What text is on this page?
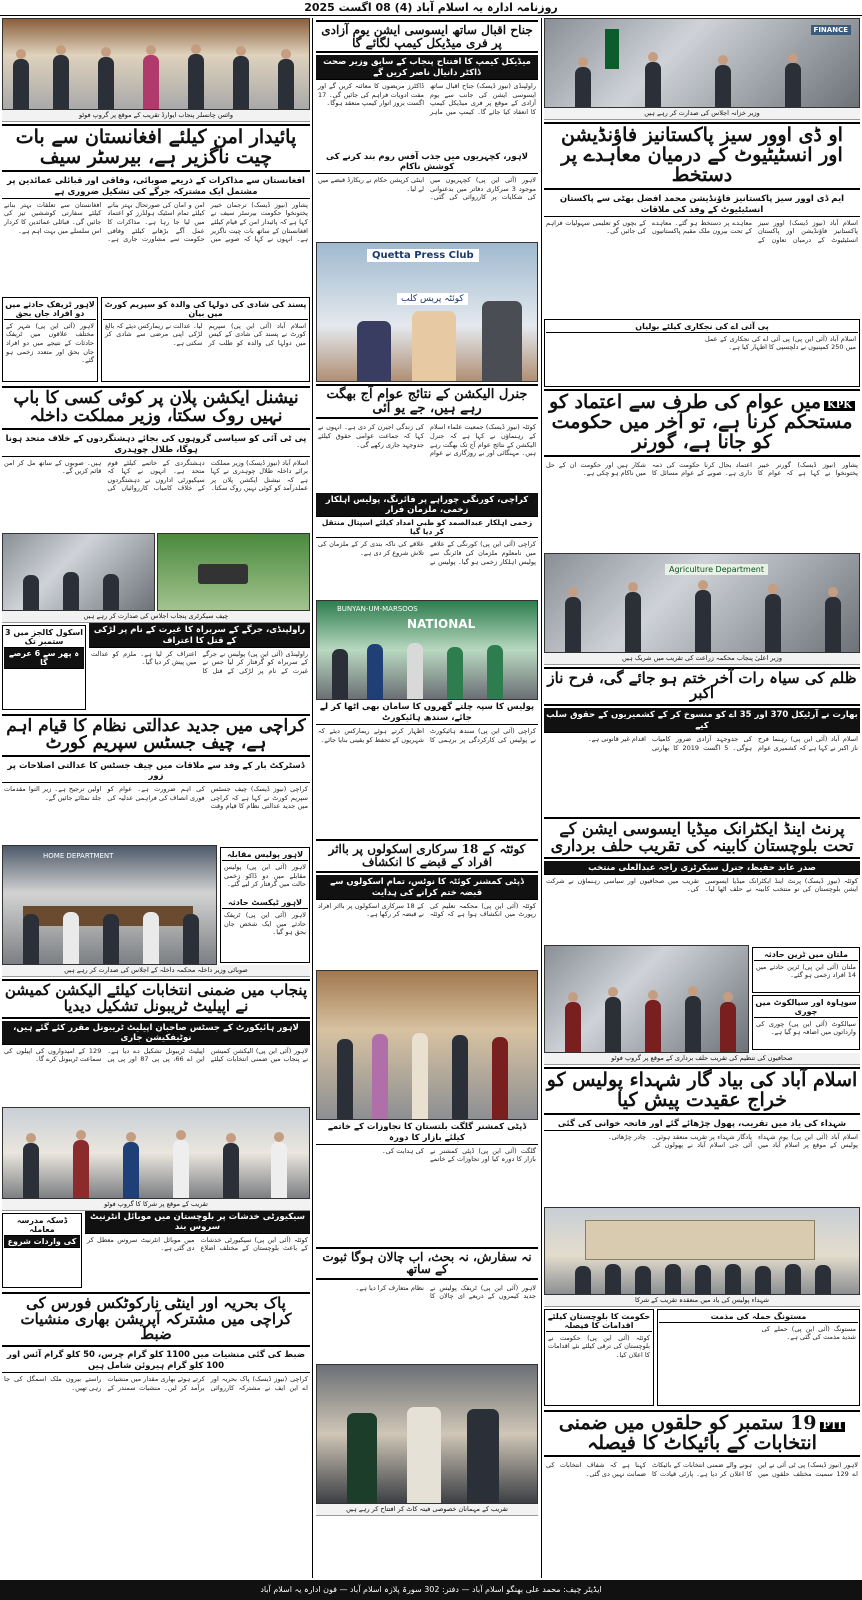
روزنامہ ادارہ یہ اسلام آباد (4) 08 اگست 2025
FINANCE
وزیر خزانہ اجلاس کی صدارت کر رہے ہیں
او ڈی اوور سیز پاکستانیز فاؤنڈیشن اور انسٹیٹیوٹ کے درمیان معاہدے پر دستخط
ایم ڈی اوور سیز پاکستانیز فاؤنڈیشن محمد افضل بھٹی سے پاکستان انسٹیٹیوٹ کے وفد کی ملاقات
اسلام آباد (نیوز ڈیسک) اوور سیز پاکستانیز فاؤنڈیشن اور پاکستان انسٹیٹیوٹ کے درمیان تعاون کے معاہدے پر دستخط ہو گئے۔ معاہدے کے تحت بیرون ملک مقیم پاکستانیوں کے بچوں کو تعلیمی سہولیات فراہم کی جائیں گی۔
پی آئی اے کی نجکاری کیلئے بولیاں
اسلام آباد (آئی این پی) پی آئی اے کی نجکاری کے عمل میں 250 کمپنیوں نے دلچسپی کا اظہار کیا ہے۔
KPKمیں عوام کی طرف سے اعتماد کو مستحکم کرنا ہے، تو آخر میں حکومت کو جانا ہے، گورنر
پشاور (نیوز ڈیسک) گورنر خیبر پختونخوا نے کہا ہے کہ عوام کا اعتماد بحال کرنا حکومت کی ذمہ داری ہے۔ صوبے کے عوام مسائل کا شکار ہیں اور حکومت ان کے حل میں ناکام ہو چکی ہے۔
Agriculture Department
وزیر اعلیٰ پنجاب محکمہ زراعت کی تقریب میں شریک ہیں
ظلم کی سیاہ رات آخر ختم ہو جائے گی، فرح ناز اکبر
بھارت نے آرٹیکل 370 اور 35 اے کو منسوخ کر کے کشمیریوں کے حقوق سلب کیے
اسلام آباد (آئی این پی) رہنما فرح ناز اکبر نے کہا ہے کہ کشمیری عوام کی جدوجہد آزادی ضرور کامیاب ہوگی۔ 5 اگست 2019 کا بھارتی اقدام غیر قانونی ہے۔
پرنٹ اینڈ ایکٹرانک میڈیا ایسوسی ایشن کے تحت بلوچستان کابینہ کی تقریب حلف برداری
صدر عابد حفیظ، جنرل سیکرٹری راجہ عبدالعلی منتخب
کوئٹہ (نیوز ڈیسک) پرنٹ اینڈ ایکٹرانک میڈیا ایسوسی ایشن بلوچستان کی نو منتخب کابینہ نے حلف اٹھا لیا۔ تقریب میں صحافیوں اور سیاسی رہنماؤں نے شرکت کی۔
ملتان میں ٹرین حادثہ
ملتان (آئی این پی) ٹرین حادثے میں 14 افراد زخمی ہو گئے۔
سوہاوہ اور سیالکوٹ میں چوری
سیالکوٹ (آئی این پی) چوری کی وارداتوں میں اضافہ ہو گیا ہے۔
صحافیوں کی تنظیم کی تقریب حلف برداری کے موقع پر گروپ فوٹو
اسلام آباد کی بیاد گار شہداء پولیس کو خراج عقیدت پیش کیا
شہداء کی یاد میں تقریب، پھول چڑھائے گئے اور فاتحہ خوانی کی گئی
اسلام آباد (آئی این پی) یوم شہداء پولیس کے موقع پر اسلام آباد میں یادگار شہداء پر تقریب منعقد ہوئی۔ آئی جی اسلام آباد نے پھولوں کی چادر چڑھائی۔
شہداء پولیس کی یاد میں منعقدہ تقریب کے شرکا
مستونگ حملہ کی مذمت
مستونگ (آئی این پی) حملے کی شدید مذمت کی گئی ہے۔
حکومت کا بلوچستان کیلئے اقدامات کا فیصلہ
کوئٹہ (آئی این پی) حکومت نے بلوچستان کی ترقی کیلئے نئے اقدامات کا اعلان کیا۔
PTI19 ستمبر کو حلقوں میں ضمنی انتخابات کے بائیکاٹ کا فیصلہ
لاہور (نیوز ڈیسک) پی ٹی آئی نے این اے 129 سمیت مختلف حلقوں میں ہونے والے ضمنی انتخابات کے بائیکاٹ کا اعلان کر دیا ہے۔ پارٹی قیادت کا کہنا ہے کہ شفاف انتخابات کی ضمانت نہیں دی گئی۔
جناح اقبال ساتھ ایسوسی ایشن یوم آزادی پر فری میڈیکل کیمپ لگائے گا
میڈیکل کیمپ کا افتتاح پنجاب کے سابق وزیر صحت ڈاکٹر دانیال ناصر کریں گے
راولپنڈی (نیوز ڈیسک) جناح اقبال ساتھ ایسوسی ایشن کی جانب سے یوم آزادی کے موقع پر فری میڈیکل کیمپ کا انعقاد کیا جائے گا۔ کیمپ میں ماہر ڈاکٹرز مریضوں کا معائنہ کریں گے اور مفت ادویات فراہم کی جائیں گی۔ 17 اگست بروز اتوار کیمپ منعقد ہوگا۔
لاہور، کچہریوں میں جذب آفس روم بند کرنے کی کوشش ناکام
لاہور (آئی این پی) کچہریوں میں موجود 3 سرکاری دفاتر میں بدعنوانی کی شکایات پر کارروائی کی گئی۔ اینٹی کرپشن حکام نے ریکارڈ قبضے میں لے لیا۔
Quetta Press Club
کوئٹہ پریس کلب
جنرل الیکشن کے نتائج عوام آج بھگت رہے ہیں، جے یو آئی
کوئٹہ (نیوز ڈیسک) جمعیت علماء اسلام کے رہنماؤں نے کہا ہے کہ جنرل الیکشن کے نتائج عوام آج تک بھگت رہے ہیں۔ مہنگائی اور بے روزگاری نے عوام کی زندگی اجیرن کر دی ہے۔ انہوں نے کہا کہ جماعت عوامی حقوق کیلئے جدوجہد جاری رکھے گی۔
کراچی، کورنگی چوراہے پر فائرنگ، پولیس اہلکار زخمی، ملزمان فرار
زخمی اہلکار عبدالصمد کو طبی امداد کیلئے اسپتال منتقل کر دیا گیا
کراچی (آئی این پی) کورنگی کے علاقے میں نامعلوم ملزمان کی فائرنگ سے پولیس اہلکار زخمی ہو گیا۔ پولیس نے علاقے کی ناکہ بندی کر کے ملزمان کی تلاش شروع کر دی ہے۔
BUNYAN-UM-MARSOOS
NATIONAL
پولیس کا سپہ چلتے گھروں کا سامان بھی اٹھا کر لے جائے، سندھ ہائیکورٹ
کراچی (آئی این پی) سندھ ہائیکورٹ نے پولیس کی کارکردگی پر برہمی کا اظہار کرتے ہوئے ریمارکس دیئے کہ شہریوں کے تحفظ کو یقینی بنایا جائے۔
کوئٹہ کے 18 سرکاری اسکولوں پر بااثر افراد کے قبضے کا انکشاف
ڈپٹی کمشنر کوئٹہ کا نوٹس، تمام اسکولوں سے قبضہ ختم کرانے کی ہدایت
کوئٹہ (آئی این پی) محکمہ تعلیم کی رپورٹ میں انکشاف ہوا ہے کہ کوئٹہ کے 18 سرکاری اسکولوں پر بااثر افراد نے قبضہ کر رکھا ہے۔
ڈپٹی کمشنر گلگت بلتستان کا تجاوزات کے خاتمے کیلئے بازار کا دورہ
گلگت (آئی این پی) ڈپٹی کمشنر نے بازار کا دورہ کیا اور تجاوزات کے خاتمے کی ہدایت کی۔
نہ سفارش، نہ بحث، اب چالان ہوگا ثبوت کے ساتھ
لاہور (آئی این پی) ٹریفک پولیس نے جدید کیمروں کے ذریعے ای چالان کا نظام متعارف کرا دیا ہے۔
تقریب کے مہمانان خصوصی فیتہ کاٹ کر افتتاح کر رہے ہیں
وائس چانسلر پنجاب ایوارڈ تقریب کے موقع پر گروپ فوٹو
پائیدار امن کیلئے افغانستان سے بات چیت ناگزیر ہے، بیرسٹر سیف
افغانستان سے مذاکرات کے ذریعے صوبائی، وفاقی اور قبائلی عمائدین پر مشتمل ایک مشترکہ جرگے کی تشکیل ضروری ہے
پشاور (نیوز ڈیسک) ترجمان خیبر پختونخوا حکومت بیرسٹر سیف نے کہا ہے کہ پائیدار امن کے قیام کیلئے افغانستان کے ساتھ بات چیت ناگزیر ہے۔ انہوں نے کہا کہ صوبے میں امن و امان کی صورتحال بہتر بنانے کیلئے تمام اسٹیک ہولڈرز کو اعتماد میں لیا جا رہا ہے۔ مذاکرات کا عمل آگے بڑھانے کیلئے وفاقی حکومت سے مشاورت جاری ہے۔ افغانستان سے تعلقات بہتر بنانے کیلئے سفارتی کوششیں تیز کی جائیں گی۔ قبائلی عمائدین کا کردار اس سلسلے میں بہت اہم ہے۔
پسند کی شادی کی دولہا کی والدہ کو سپریم کورٹ میں بیان
اسلام آباد (آئی این پی) سپریم کورٹ نے پسند کی شادی کے کیس میں دولہا کی والدہ کو طلب کر لیا۔ عدالت نے ریمارکس دیئے کہ بالغ لڑکی اپنی مرضی سے شادی کر سکتی ہے۔
لاہور ٹریفک حادثے میں دو افراد جاں بحق
لاہور (آئی این پی) شہر کے مختلف علاقوں میں ٹریفک حادثات کے نتیجے میں دو افراد جاں بحق اور متعدد زخمی ہو گئے۔
نیشنل ایکشن پلان پر کوئی کسی کا باپ نہیں روک سکتا، وزیر مملکت داخلہ
پی ٹی آئی کو سیاسی گروہوں کی بجائے دہشتگردوں کے خلاف متحد ہونا ہوگا، طلال چوہدری
اسلام آباد (نیوز ڈیسک) وزیر مملکت برائے داخلہ طلال چوہدری نے کہا ہے کہ نیشنل ایکشن پلان پر عملدرآمد کو کوئی نہیں روک سکتا۔ دہشتگردی کے خاتمے کیلئے قوم متحد ہے۔ انہوں نے کہا کہ سیکیورٹی اداروں نے دہشتگردوں کے خلاف کامیاب کارروائیاں کی ہیں۔ صوبوں کے ساتھ مل کر امن قائم کریں گے۔
چیف سیکرٹری پنجاب اجلاس کی صدارت کر رہے ہیں
راولپنڈی، جرگے کے سربراہ کا غیرت کے نام پر لڑکی کے قتل کا اعتراف
راولپنڈی (آئی این پی) پولیس نے جرگے کے سربراہ کو گرفتار کر لیا جس نے غیرت کے نام پر لڑکی کے قتل کا اعتراف کر لیا ہے۔ ملزم کو عدالت میں پیش کر دیا گیا۔
اسکول کالجز میں 3 ستمبر تک
ہ پھر سے 6 عرصے گا
کراچی میں جدید عدالتی نظام کا قیام اہم ہے، چیف جسٹس سپریم کورٹ
ڈسٹرکٹ بار کے وفد سے ملاقات میں چیف جسٹس کا عدالتی اصلاحات پر زور
کراچی (نیوز ڈیسک) چیف جسٹس سپریم کورٹ نے کہا ہے کہ کراچی میں جدید عدالتی نظام کا قیام وقت کی اہم ضرورت ہے۔ عوام کو فوری انصاف کی فراہمی عدلیہ کی اولین ترجیح ہے۔ زیر التوا مقدمات جلد نمٹائے جائیں گے۔
لاہور پولیس مقابلہ
لاہور (آئی این پی) پولیس مقابلے میں دو ڈاکو زخمی حالت میں گرفتار کر لیے گئے۔
لاہور ٹیکسٹ حادثہ
لاہور (آئی این پی) ٹریفک حادثے میں ایک شخص جاں بحق ہو گیا۔
HOME DEPARTMENT
صوبائی وزیر داخلہ محکمہ داخلہ کے اجلاس کی صدارت کر رہے ہیں
پنجاب میں ضمنی انتخابات کیلئے الیکشن کمیشن نے اپیلیٹ ٹریبونل تشکیل دیدیا
لاہور ہائیکورٹ کے جسٹس صاحبان اپیلیٹ ٹریبونل مقرر کئے گئے ہیں، نوٹیفکیشن جاری
لاہور (آئی این پی) الیکشن کمیشن نے پنجاب میں ضمنی انتخابات کیلئے اپیلیٹ ٹریبونل تشکیل دے دیا ہے۔ این اے 66، پی پی 87 اور پی پی 129 کے امیدواروں کی اپیلوں کی سماعت ٹریبونل کرے گا۔
تقریب کے موقع پر شرکا کا گروپ فوٹو
سیکیورٹی خدشات پر بلوچستان میں موبائل انٹرنیٹ سروس بند
کوئٹہ (آئی این پی) سیکیورٹی خدشات کے باعث بلوچستان کے مختلف اضلاع میں موبائل انٹرنیٹ سروس معطل کر دی گئی ہے۔
ڈسکہ مدرسہ معاملہ
کی واردات شروع
پاک بحریہ اور اینٹی نارکوٹکس فورس کی کراچی میں مشترکہ آپریشن بھاری منشیات ضبط
ضبط کی گئی منشیات میں 1100 کلو گرام چرس، 50 کلو گرام آئس اور 100 کلو گرام ہیروئن شامل ہیں
کراچی (نیوز ڈیسک) پاک بحریہ اور اے این ایف نے مشترکہ کارروائی کرتے ہوئے بھاری مقدار میں منشیات برآمد کر لیں۔ منشیات سمندر کے راستے بیرون ملک اسمگل کی جا رہی تھیں۔
ایڈیٹر چیف: محمد علی بھنگو اسلام آباد — دفتر: 302 سورۃ پلازہ اسلام آباد — فون ادارہ یہ اسلام آباد
